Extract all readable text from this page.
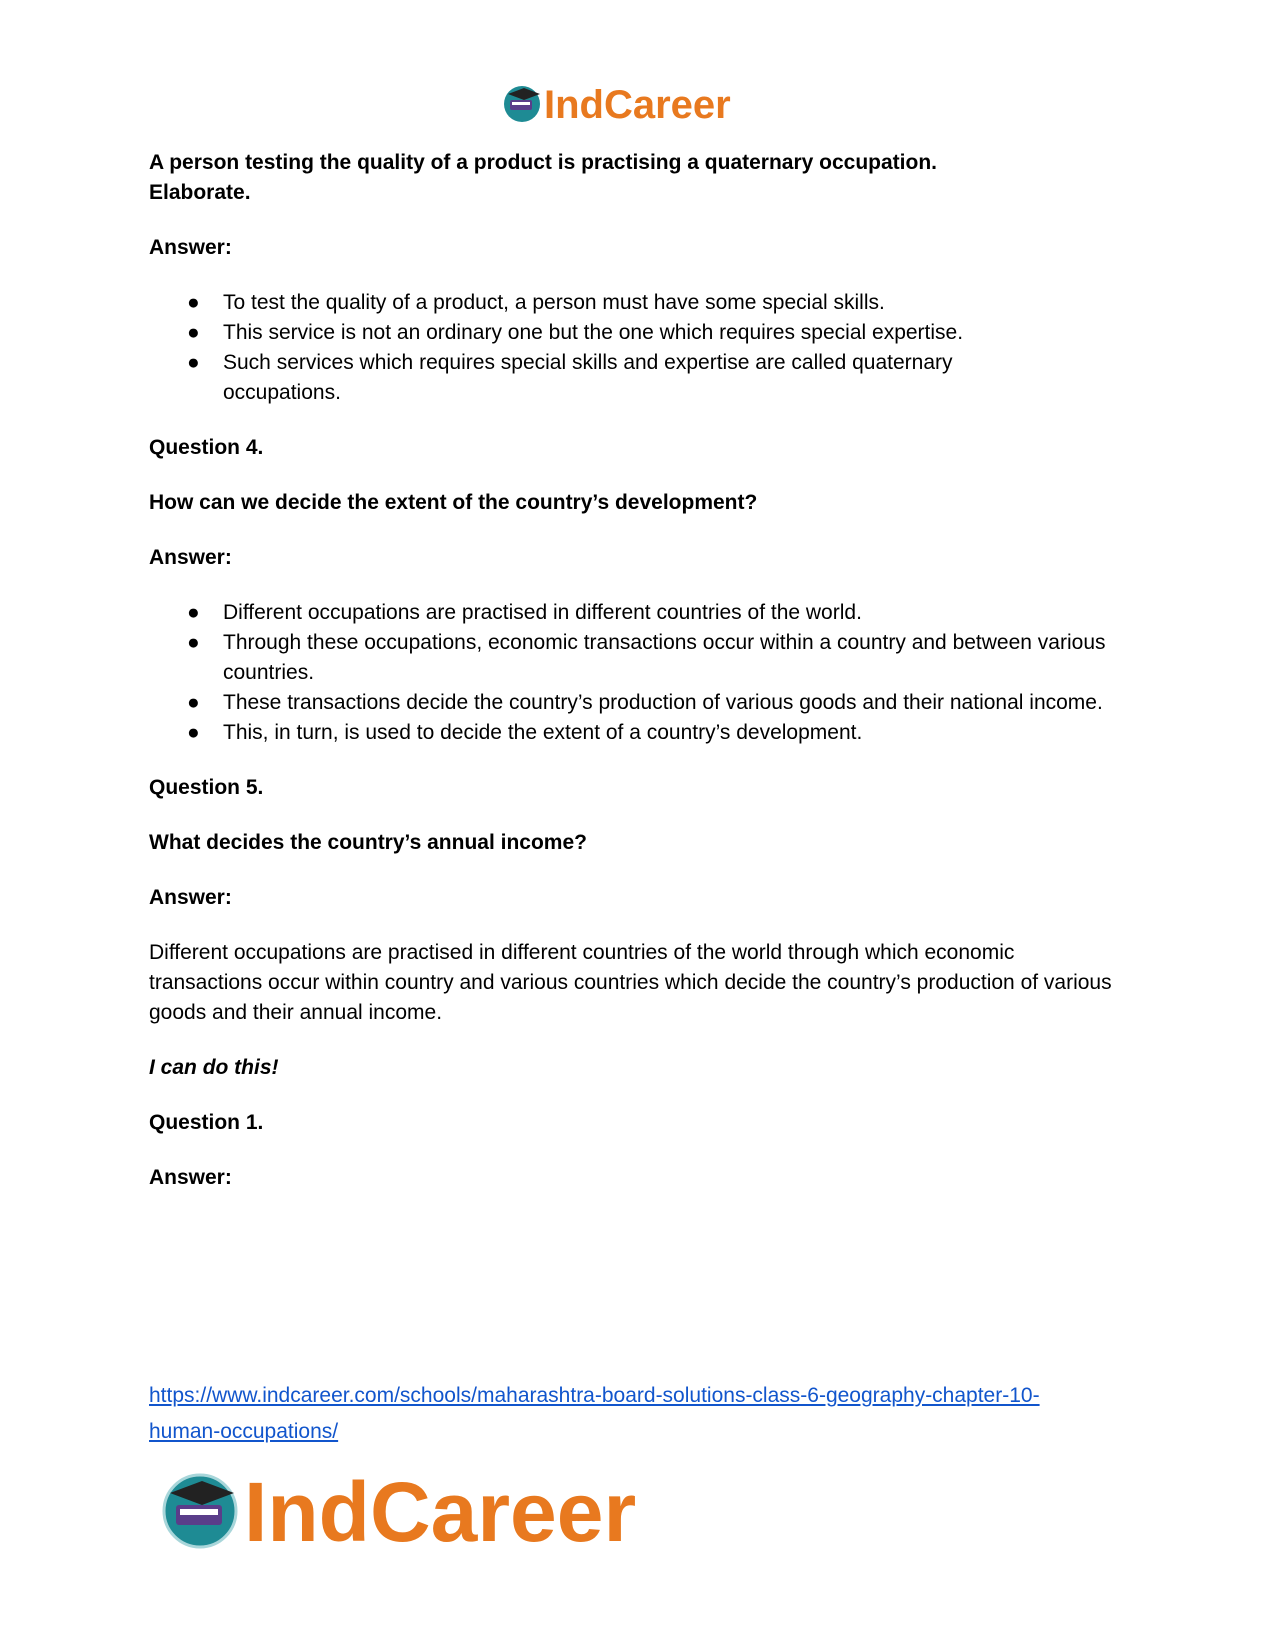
IndCareer

A person testing the quality of a product is practising a quaternary occupation. Elaborate.

Answer:

● To test the quality of a product, a person must have some special skills.
● This service is not an ordinary one but the one which requires special expertise.
● Such services which requires special skills and expertise are called quaternary occupations.

Question 4.

How can we decide the extent of the country’s development?

Answer:

● Different occupations are practised in different countries of the world.
● Through these occupations, economic transactions occur within a country and between various countries.
● These transactions decide the country’s production of various goods and their national income.
● This, in turn, is used to decide the extent of a country’s development.

Question 5.

What decides the country’s annual income?

Answer:

Different occupations are practised in different countries of the world through which economic transactions occur within country and various countries which decide the country’s production of various goods and their annual income.

I can do this!

Question 1.

Answer:

https://www.indcareer.com/schools/maharashtra-board-solutions-class-6-geography-chapter-10-
human-occupations/
IndCareer
